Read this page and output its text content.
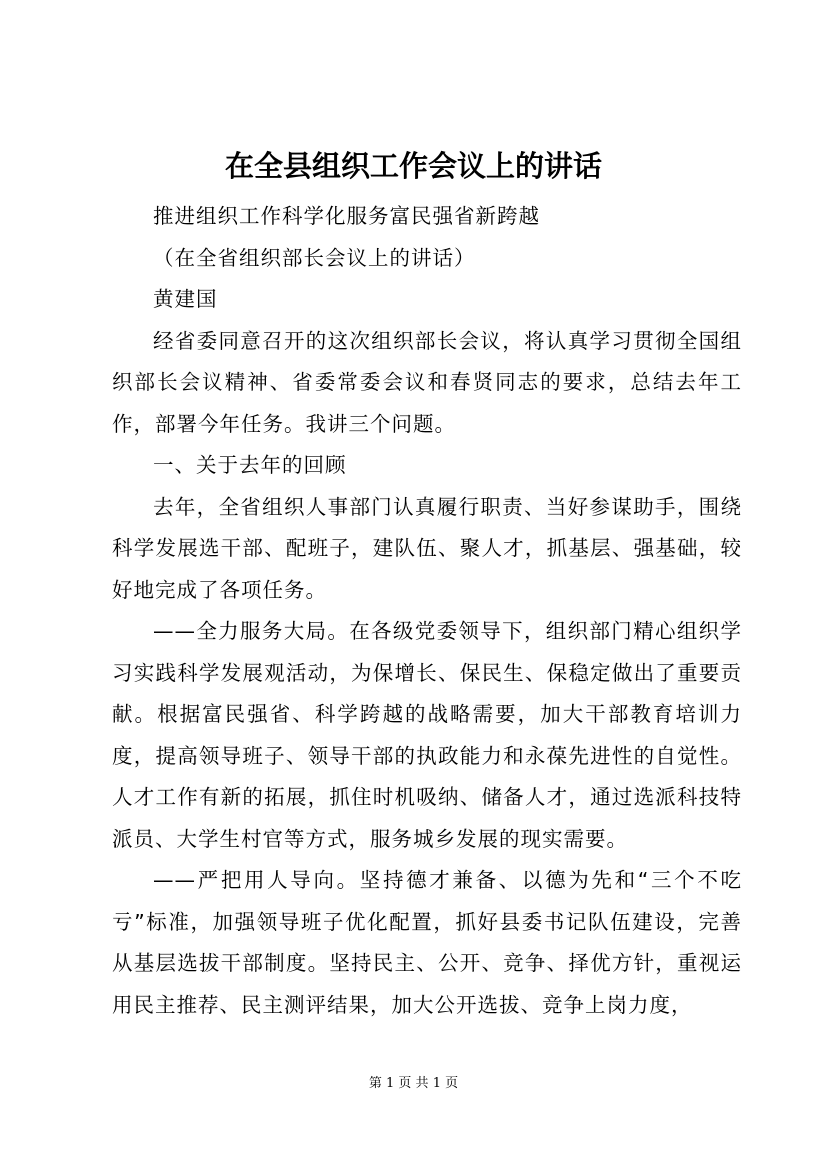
在全县组织工作会议上的讲话

推进组织工作科学化服务富民强省新跨越

（在全省组织部长会议上的讲话）

黄建国

经省委同意召开的这次组织部长会议，将认真学习贯彻全国组织部长会议精神、省委常委会议和春贤同志的要求，总结去年工作，部署今年任务。我讲三个问题。

一、关于去年的回顾

去年，全省组织人事部门认真履行职责、当好参谋助手，围绕科学发展选干部、配班子，建队伍、聚人才，抓基层、强基础，较好地完成了各项任务。

——全力服务大局。在各级党委领导下，组织部门精心组织学习实践科学发展观活动，为保增长、保民生、保稳定做出了重要贡献。根据富民强省、科学跨越的战略需要，加大干部教育培训力度，提高领导班子、领导干部的执政能力和永葆先进性的自觉性。人才工作有新的拓展，抓住时机吸纳、储备人才，通过选派科技特派员、大学生村官等方式，服务城乡发展的现实需要。

——严把用人导向。坚持德才兼备、以德为先和“三个不吃亏”标准，加强领导班子优化配置，抓好县委书记队伍建设，完善从基层选拔干部制度。坚持民主、公开、竞争、择优方针，重视运用民主推荐、民主测评结果，加大公开选拔、竞争上岗力度，

第 1 页 共 1 页
